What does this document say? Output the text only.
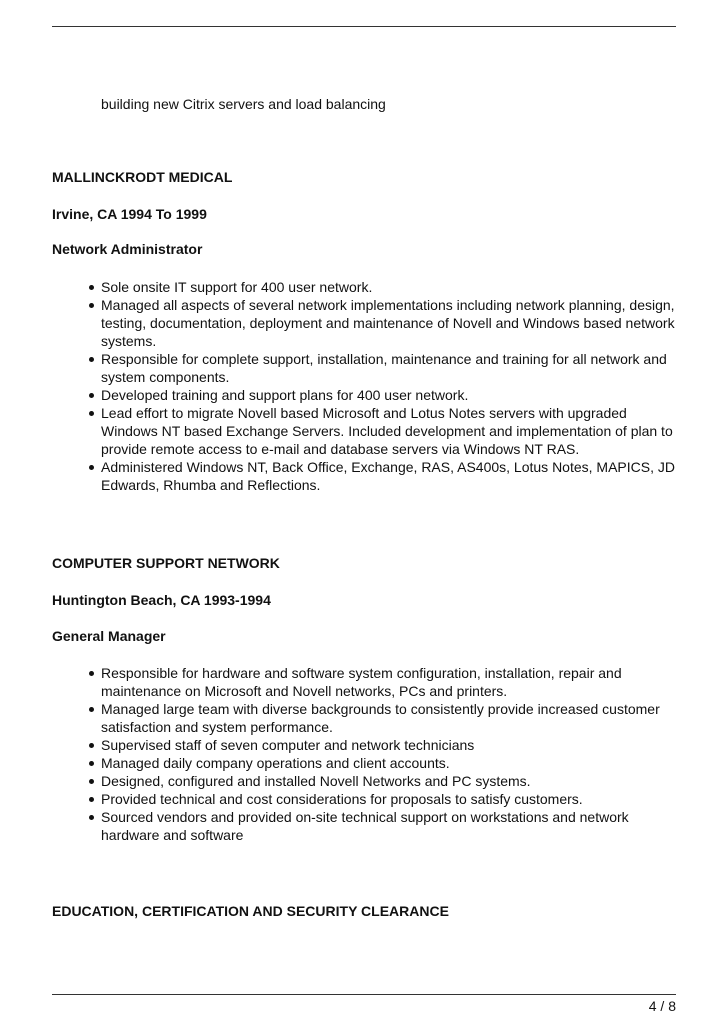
building new Citrix servers and load balancing
MALLINCKRODT MEDICAL
Irvine, CA 1994 To 1999
Network Administrator
Sole onsite IT support for 400 user network.
Managed all aspects of several network implementations including network planning, design, testing, documentation, deployment and maintenance of Novell and Windows based network systems.
Responsible for complete support, installation, maintenance and training for all network and system components.
Developed training and support plans for 400 user network.
Lead effort to migrate Novell based Microsoft and Lotus Notes servers with upgraded Windows NT based Exchange Servers. Included development and implementation of plan to provide remote access to e-mail and database servers via Windows NT RAS.
Administered Windows NT, Back Office, Exchange, RAS, AS400s, Lotus Notes, MAPICS, JD Edwards, Rhumba and Reflections.
COMPUTER SUPPORT NETWORK
Huntington Beach, CA 1993-1994
General Manager
Responsible for hardware and software system configuration, installation, repair and maintenance on Microsoft and Novell networks, PCs and printers.
Managed large team with diverse backgrounds to consistently provide increased customer satisfaction and system performance.
Supervised staff of seven computer and network technicians
Managed daily company operations and client accounts.
Designed, configured and installed Novell Networks and PC systems.
Provided technical and cost considerations for proposals to satisfy customers.
Sourced vendors and provided on-site technical support on workstations and network hardware and software
EDUCATION, CERTIFICATION AND SECURITY CLEARANCE
4 / 8
